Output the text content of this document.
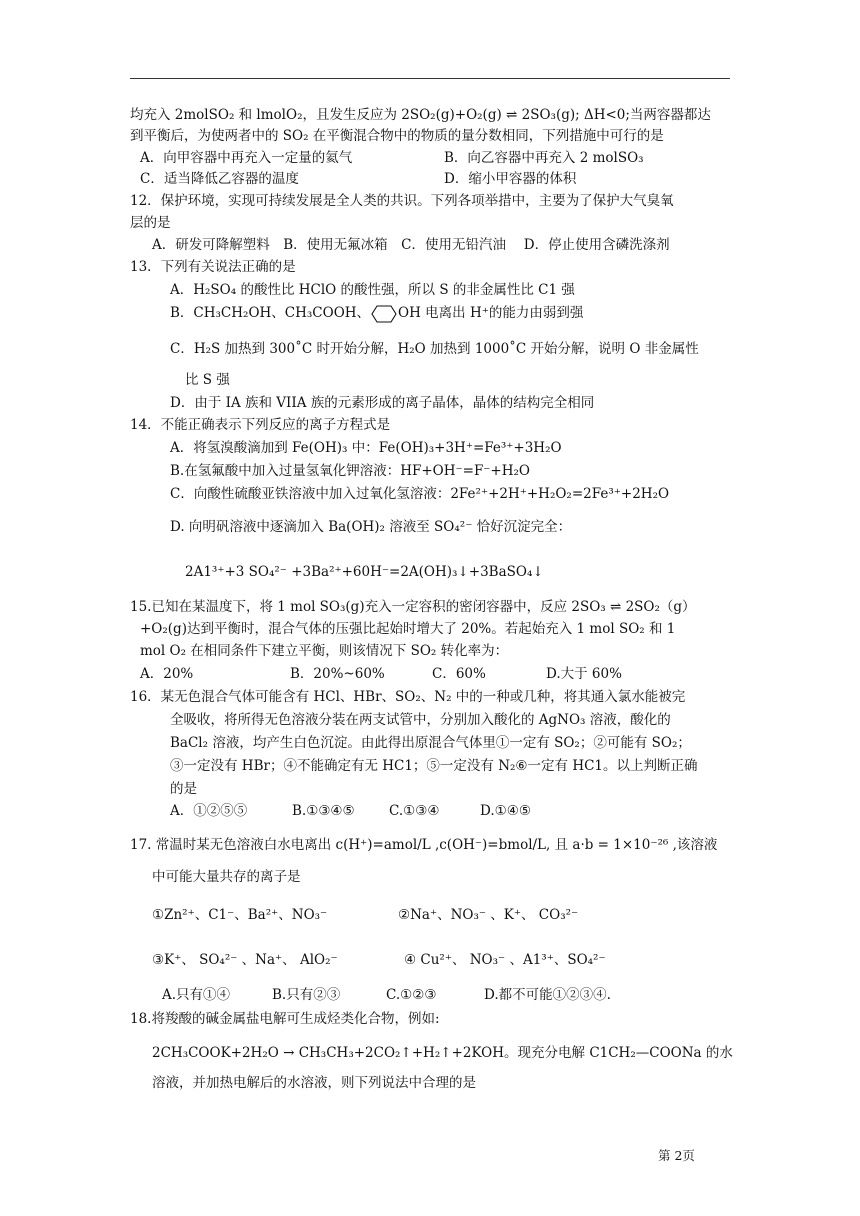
均充入 2molSO₂ 和 lmolO₂，且发生反应为 2SO₂(g)+O₂(g) ⇌ 2SO₃(g); ΔH<0;当两容器都达
到平衡后，为使两者中的 SO₂ 在平衡混合物中的物质的量分数相同，下列措施中可行的是
A．向甲容器中再充入一定量的氦气	B．向乙容器中再充入 2 molSO₃
C．适当降低乙容器的温度	D．缩小甲容器的体积
12．保护环境，实现可持续发展是全人类的共识。下列各项举措中，主要为了保护大气臭氧
层的是
A．研发可降解塑料　B．使用无氟冰箱　C．使用无铅汽油　 D．停止使用含磷洗涤剂
13．下列有关说法正确的是
A．H₂SO₄ 的酸性比 HClO 的酸性强，所以 S 的非金属性比 C1 强
B．CH₃CH₂OH、CH₃COOH、 OH 电离出 H⁺的能力由弱到强
C．H₂S 加热到 300˚C 时开始分解，H₂O 加热到 1000˚C 开始分解，说明 O 非金属性
比 S 强
D．由于 IA 族和 VIIA 族的元素形成的离子晶体，晶体的结构完全相同
14．不能正确表示下列反应的离子方程式是
A．将氢溴酸滴加到 Fe(OH)₃ 中：Fe(OH)₃+3H⁺=Fe³⁺+3H₂O
B.在氢氟酸中加入过量氢氧化钾溶液：HF+OH⁻=F⁻+H₂O
C．向酸性硫酸亚铁溶液中加入过氧化氢溶液：2Fe²⁺+2H⁺+H₂O₂=2Fe³⁺+2H₂O
D. 向明矾溶液中逐滴加入 Ba(OH)₂ 溶液至 SO₄²⁻ 恰好沉淀完全：
2A1³⁺+3 SO₄²⁻ +3Ba²⁺+60H⁻=2A(OH)₃↓+3BaSO₄↓
15.已知在某温度下，将 1 mol SO₃(g)充入一定容积的密闭容器中，反应 2SO₃ ⇌ 2SO₂（g）
+O₂(g)达到平衡时，混合气体的压强比起始时增大了 20%。若起始充入 1 mol SO₂ 和 1
mol O₂ 在相同条件下建立平衡，则该情况下 SO₂ 转化率为：
A．20%	B．20%~60%	C．60%	D.大于 60%
16．某无色混合气体可能含有 HCl、HBr、SO₂、N₂ 中的一种或几种，将其通入氯水能被完
全吸收，将所得无色溶液分装在两支试管中，分别加入酸化的 AgNO₃ 溶液，酸化的
BaCl₂ 溶液，均产生白色沉淀。由此得出原混合气体里①一定有 SO₂；②可能有 SO₂；
③一定没有 HBr；④不能确定有无 HC1；⑤一定没有 N₂⑥一定有 HC1。以上判断正确
的是
A．①②⑤⑤	B.①③④⑤	C.①③④	D.①④⑤
17. 常温时某无色溶液白水电离出 c(H⁺)=amol/L ,c(OH⁻)=bmol/L, 且 a·b = 1×10⁻²⁶ ,该溶液
中可能大量共存的离子是
①Zn²⁺、C1⁻、Ba²⁺、NO₃⁻	②Na⁺、NO₃⁻ 、K⁺、 CO₃²⁻
③K⁺、 SO₄²⁻ 、Na⁺、 AlO₂⁻	④ Cu²⁺、 NO₃⁻ 、A1³⁺、SO₄²⁻
A.只有①④	B.只有②③	C.①②③	D.都不可能①②③④.
18.将羧酸的碱金属盐电解可生成烃类化合物，例如:
2CH₃COOK+2H₂O → CH₃CH₃+2CO₂↑+H₂↑+2KOH。现充分电解 C1CH₂—COONa 的水
溶液，并加热电解后的水溶液，则下列说法中合理的是
第 2页
